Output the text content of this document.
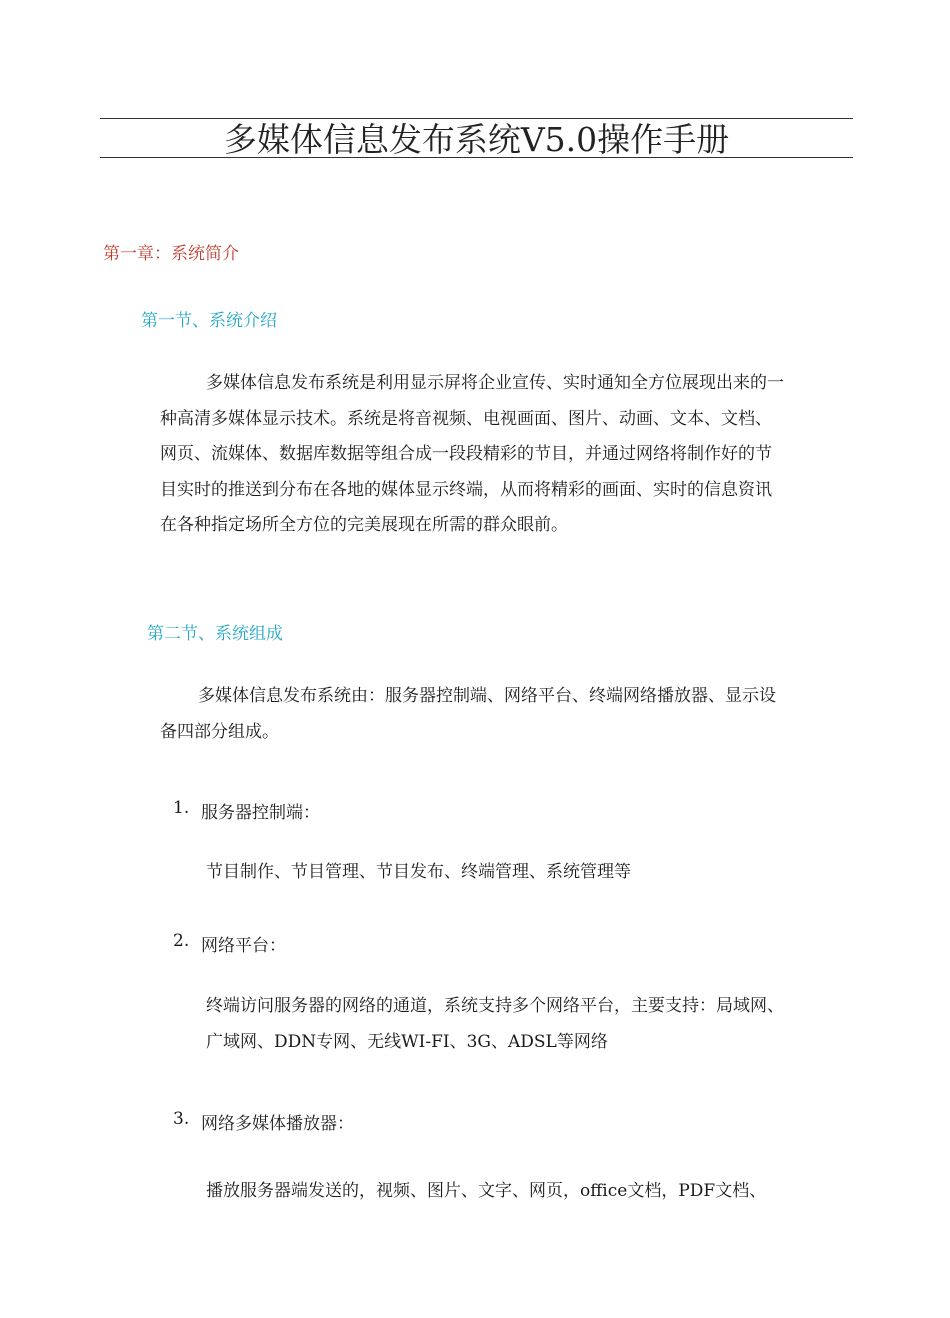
多媒体信息发布系统V5.0操作手册
第一章：系统简介
第一节、系统介绍
多媒体信息发布系统是利用显示屏将企业宣传、实时通知全方位展现出来的一
种高清多媒体显示技术。系统是将音视频、电视画面、图片、动画、文本、文档、
网页、流媒体、数据库数据等组合成一段段精彩的节目，并通过网络将制作好的节
目实时的推送到分布在各地的媒体显示终端，从而将精彩的画面、实时的信息资讯
在各种指定场所全方位的完美展现在所需的群众眼前。
第二节、系统组成
多媒体信息发布系统由：服务器控制端、网络平台、终端网络播放器、显示设
备四部分组成。
1. 服务器控制端：
节目制作、节目管理、节目发布、终端管理、系统管理等
2. 网络平台：
终端访问服务器的网络的通道，系统支持多个网络平台，主要支持：局域网、
广域网、DDN专网、无线WI-FI、3G、ADSL等网络
3. 网络多媒体播放器：
播放服务器端发送的，视频、图片、文字、网页，office文档，PDF文档、
